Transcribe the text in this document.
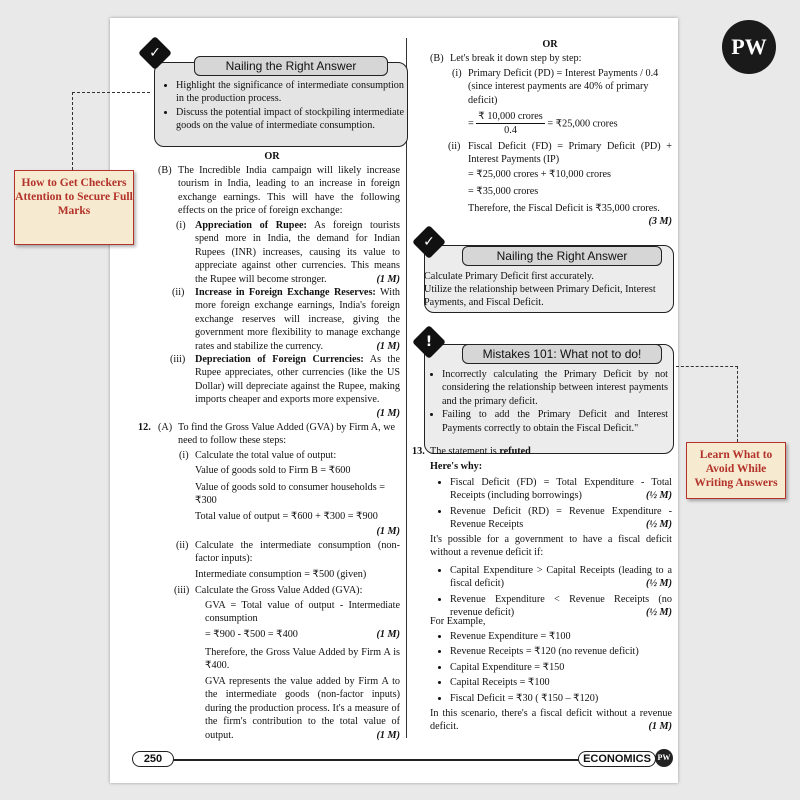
Nailing the Right Answer
✓
• Highlight the significance of intermediate consumption in the production process.
• Discuss the potential impact of stockpiling intermediate goods on the value of intermediate consumption.
OR
(B) The Incredible India campaign will likely increase tourism in India, leading to an increase in foreign exchange earnings. This will have the following effects on the price of foreign exchange:
(i) Appreciation of Rupee: As foreign tourists spend more in India, the demand for Indian Rupees (INR) increases, causing its value to appreciate against other currencies. This means the Rupee will become stronger.	(1 M)
(ii) Increase in Foreign Exchange Reserves: With more foreign exchange earnings, India's foreign exchange reserves will increase, giving the government more flexibility to manage exchange rates and stabilize the currency.	(1 M)
(iii) Depreciation of Foreign Currencies: As the Rupee appreciates, other currencies (like the US Dollar) will depreciate against the Rupee, making imports cheaper and exports more expensive.
(1 M)
12. (A) To find the Gross Value Added (GVA) by Firm A, we need to follow these steps:
(i) Calculate the total value of output:
Value of goods sold to Firm B = ₹600
Value of goods sold to consumer households = ₹300
Total value of output = ₹600 + ₹300 = ₹900
(1 M)
(ii) Calculate the intermediate consumption (non-factor inputs):
Intermediate consumption = ₹500 (given)
(iii) Calculate the Gross Value Added (GVA):
GVA = Total value of output - Intermediate consumption
= ₹900 - ₹500 = ₹400	(1 M)
Therefore, the Gross Value Added by Firm A is ₹400.
GVA represents the value added by Firm A to the intermediate goods (non-factor inputs) during the production process. It's a measure of the firm's contribution to the total value of output.	(1 M)
OR
(B) Let's break it down step by step:
(i) Primary Deficit (PD) = Interest Payments / 0.4 (since interest payments are 40% of primary deficit)
= $\frac{\text{₹ 10,000 crores}}{0.4}$ = ₹25,000 crores
(ii) Fiscal Deficit (FD) = Primary Deficit (PD) + Interest Payments (IP)
= ₹25,000 crores + ₹10,000 crores
= ₹35,000 crores
Therefore, the Fiscal Deficit is ₹35,000 crores.
(3 M)
Nailing the Right Answer
✓
Calculate Primary Deficit first accurately.
Utilize the relationship between Primary Deficit, Interest Payments, and Fiscal Deficit.
Mistakes 101: What not to do!
!
• Incorrectly calculating the Primary Deficit by not considering the relationship between interest payments and the primary deficit.
• Failing to add the Primary Deficit and Interest Payments correctly to obtain the Fiscal Deficit."
13. The statement is refuted
Here's why:
• Fiscal Deficit (FD) = Total Expenditure - Total Receipts (including borrowings)	(½ M)
• Revenue Deficit (RD) = Revenue Expenditure - Revenue Receipts	(½ M)
It's possible for a government to have a fiscal deficit without a revenue deficit if:
• Capital Expenditure > Capital Receipts (leading to a fiscal deficit)	(½ M)
• Revenue Expenditure < Revenue Receipts (no revenue deficit)	(½ M)
For Example,
• Revenue Expenditure = ₹100
• Revenue Receipts = ₹120 (no revenue deficit)
• Capital Expenditure = ₹150
• Capital Receipts = ₹100
• Fiscal Deficit = ₹30 ( ₹150 – ₹120)
In this scenario, there's a fiscal deficit without a revenue deficit.	(1 M)
250	ECONOMICS PW
PW
How to Get Checkers Attention to Secure Full Marks
Learn What to Avoid While Writing Answers
